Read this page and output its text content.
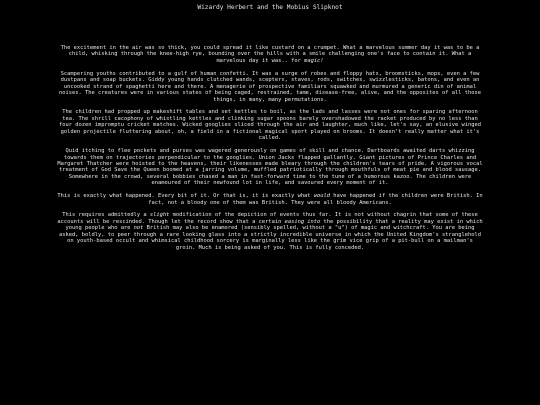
Wizardy Herbert and the Mobius Slipknot

The excitement in the air was so thick, you could spread it like custard on a crumpet. What a marvelous summer day it was to be a child, whisking through the knee-high rye, bounding over the hills with a smile challenging one's face to contain it. What a marvelous day it was.. for magic!

Scampering youths contributed to a gulf of human confetti. It was a surge of robes and floppy hats, broomsticks, mops, even a few dustpans and soap buckets. Giddy young hands clutched wands, scepters, staves, rods, switches, swizzlesticks, batons, and even an uncooked strand of spaghetti here and there. A menagerie of prospective familiars squawked and murmured a generic din of animal noises. The creatures were in various states of being caged, restrained, tame, disease-free, alive, and the opposites of all those things, in many, many permutations.

The children had propped up makeshift tables and set kettles to boil, as the lads and lasses were not ones for sparing afternoon tea. The shrill cacophony of whistling kettles and clinking sugar spoons barely overshadowed the racket produced by no less than four dozen impromptu cricket matches. Wicked googlies sliced through the air and laughter, much like, let's say, an elusive winged golden projectile fluttering about, oh, a field in a fictional magical sport played on brooms. It doesn't really matter what it's called.

Quid itching to flee pockets and purses was wagered generously on games of skill and chance. Dartboards awaited darts whizzing towards them on trajectories perpendicular to the googlies. Union Jacks flapped gallantly. Giant pictures of Prince Charles and Margaret Thatcher were hoisted to the heavens, their likenesses made bleary through the children's tears of pride. A vigorous vocal treatment of God Save the Queen boomed at a jarring volume, muffled patriotically through mouthfuls of meat pie and blood sausage. Somewhere in the crowd, several bobbies chased a man in fast-forward time to the tune of a humorous kazoo. The children were enamoured of their newfound lot in life, and savoured every moment of it.

This is exactly what happened. Every bit of it. Or that is, it is exactly what would have happened if the children were British. In fact, not a bloody one of them was British. They were all bloody Americans.

This requires admittedly a slight modification of the depiction of events thus far. It is not without chagrin that some of these accounts will be rescinded. Though let the record show that a certain easing into the possibility that a reality may exist in which young people who are not British may also be enamored (sensibly spelled, without a "u") of magic and witchcraft. You are being asked, boldly, to peer through a rare looking glass into a strictly incredible universe in which the United Kingdom's stranglehold on youth-based occult and whimsical childhood sorcery is marginally less like the grim vice grip of a pit-bull on a mailman's groin. Much is being asked of you. This is fully conceded.
